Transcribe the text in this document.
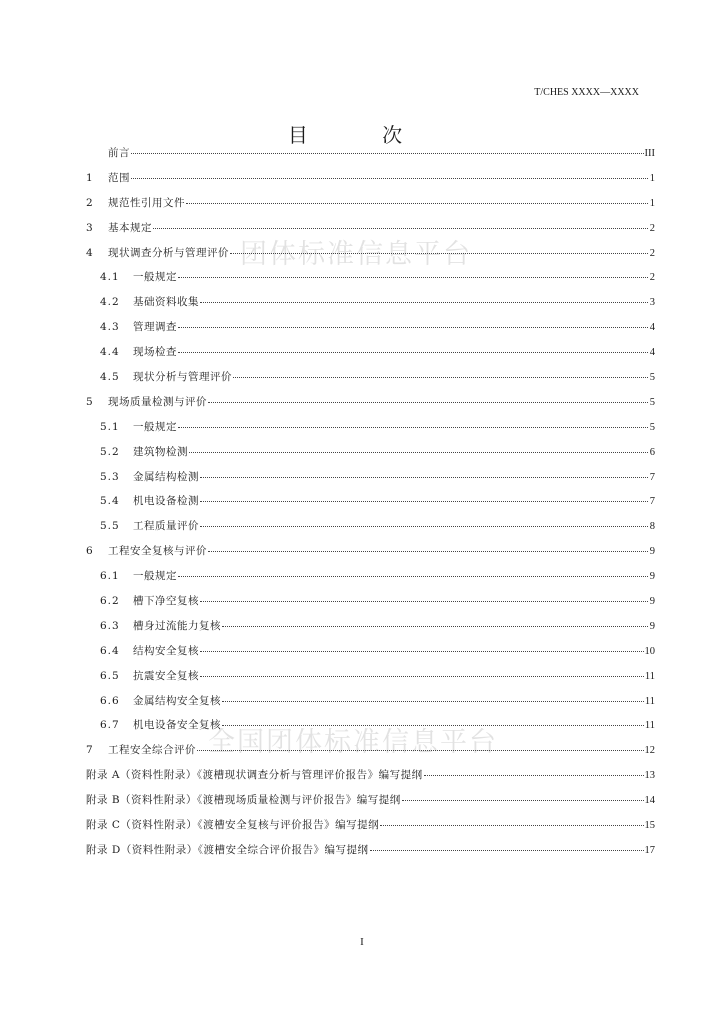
团体标准信息平台
全国团体标准信息平台
T/CHES XXXX—XXXX
目 次
前言	III
1	范围	1
2	规范性引用文件	1
3	基本规定	2
4	现状调查分析与管理评价	2
4.1	一般规定	2
4.2	基础资料收集	3
4.3	管理调查	4
4.4	现场检查	4
4.5	现状分析与管理评价	5
5	现场质量检测与评价	5
5.1	一般规定	5
5.2	建筑物检测	6
5.3	金属结构检测	7
5.4	机电设备检测	7
5.5	工程质量评价	8
6	工程安全复核与评价	9
6.1	一般规定	9
6.2	槽下净空复核	9
6.3	槽身过流能力复核	9
6.4	结构安全复核	10
6.5	抗震安全复核	11
6.6	金属结构安全复核	11
6.7	机电设备安全复核	11
7	工程安全综合评价	12
附录 A（资料性附录）《渡槽现状调查分析与管理评价报告》编写提纲	13
附录 B（资料性附录）《渡槽现场质量检测与评价报告》编写提纲	14
附录 C（资料性附录）《渡槽安全复核与评价报告》编写提纲	15
附录 D（资料性附录）《渡槽安全综合评价报告》编写提纲	17
I
